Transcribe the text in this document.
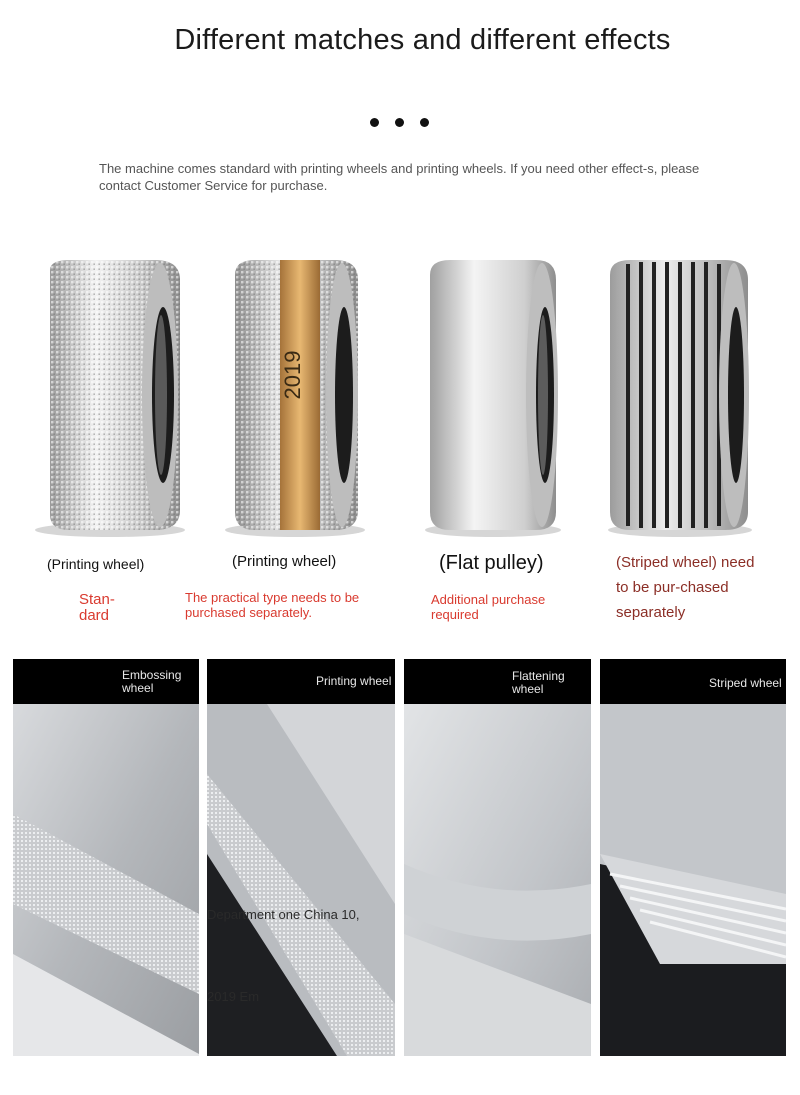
Different matches and different effects
The machine comes standard with printing wheels and printing wheels. If you need other effect-s, please contact Customer Service for purchase.
2019
(Printing wheel)	(Printing wheel)	(Flat pulley)	(Striped wheel) need to be pur-chased separately
Stan-dard
The practical type needs to be purchased separately.
Additional purchase required
Embossing wheel	Printing wheel	Flattening wheel	Striped wheel
Department one China 10,
2019 Em
